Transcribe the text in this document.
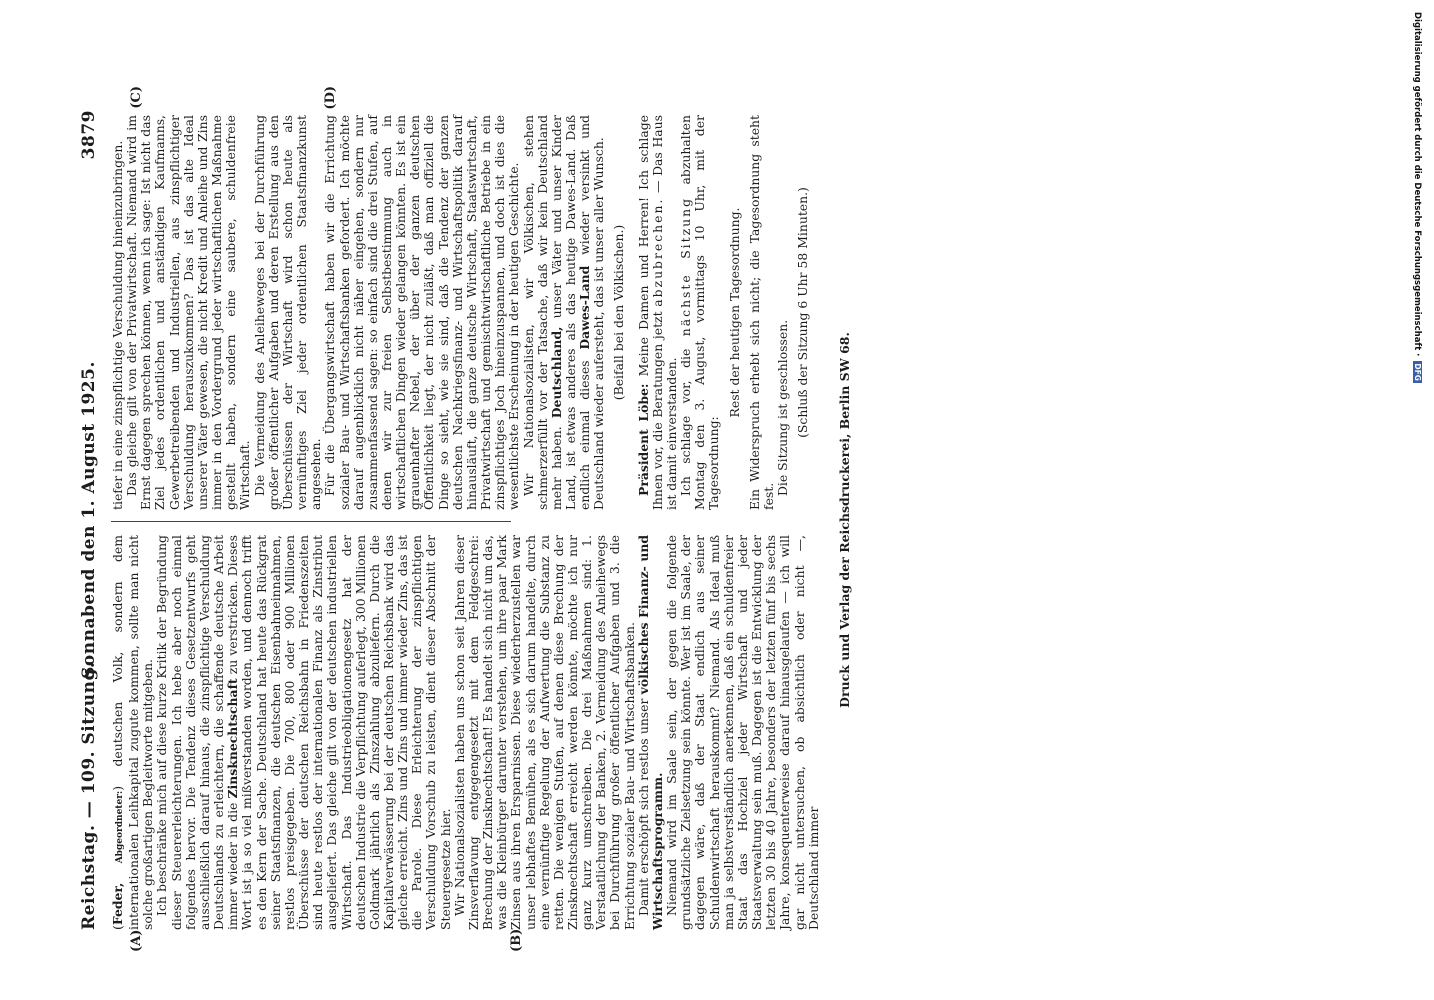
Reichstag. — 109. Sitzung.
Sonnabend den 1. August 1925.
3879
(A)	(B)
(C)	(D)

(Feder, Abgeordneter:) deutschen Volk, sondern dem internationalen Leihkapital zugute kommen, sollte man nicht solche großartigen Begleitworte mitgeben. Ich beschränke mich auf diese kurze Kritik der Begründung dieser Steuererleichterungen. Ich hebe aber noch einmal folgendes hervor. Die Tendenz dieses Gesetzentwurfs geht ausschließlich darauf hinaus, die zinspflichtige Verschuldung Deutschlands zu erleichtern, die schaffende deutsche Arbeit immer wieder in die Zinsknechtschaft zu verstricken. Dieses Wort ist ja so viel mißverstanden worden, und dennoch trifft es den Kern der Sache. Deutschland hat heute das Rückgrat seiner Staatsfinanzen, die deutschen Eisenbahneinnahmen, restlos preisgegeben. Die 700, 800 oder 900 Millionen Überschüsse der deutschen Reichsbahn in Friedenszeiten sind heute restlos der internationalen Finanz als Zinstribut ausgeliefert. Das gleiche gilt von der deutschen industriellen Wirtschaft. Das Industrieobligationengesetz hat der deutschen Industrie die Verpflichtung auferlegt, 300 Millionen Goldmark jährlich als Zinszahlung abzuliefern. Durch die Kapitalverwässerung bei der deutschen Reichsbank wird das gleiche erreicht. Zins und Zins und immer wieder Zins, das ist die Parole. Diese Erleichterung der zinspflichtigen Verschuldung Vorschub zu leisten, dient dieser Abschnitt der Steuergesetze hier. Wir Nationalsozialisten haben uns schon seit Jahren dieser Zinsverflavung entgegengesetzt mit dem Feldgeschrei: Brechung der Zinsknechtschaft! Es handelt sich nicht um das, was die Kleinbürger darunter verstehen, um ihre paar Mark Zinsen aus ihren Ersparnissen. Diese wiederherzustellen war unser lebhaftes Bemühen, als es sich darum handelte, durch eine vernünftige Regelung der Aufwertung die Substanz zu retten. Die wenigen Stufen, auf denen diese Brechung der Zinsknechtschaft erreicht werden könnte, möchte ich nur ganz kurz umschreiben. Die drei Maßnahmen sind: 1. Verstaatlichung der Banken, 2. Vermeidung des Anleihewegs bei Durchführung großer öffentlicher Aufgaben und 3. die Errichtung sozialer Bau- und Wirtschaftsbanken. Damit erschöpft sich restlos unser völkisches Finanz- und Wirtschaftsprogramm. Niemand wird im Saale sein, der gegen die folgende grundsätzliche Zielsetzung sein könnte. Wer ist im Saale, der dagegen wäre, daß der Staat endlich aus seiner Schuldenwirtschaft herauskommt? Niemand. Als Ideal muß man ja selbstverständlich anerkennen, daß ein schuldenfreier Staat das Hochziel jeder Wirtschaft und jeder Staatsverwaltung sein muß. Dagegen ist die Entwicklung der letzten 30 bis 40 Jahre, besonders der letzten fünf bis sechs Jahre, konsequenterweise darauf hinausgelaufen — ich will gar nicht untersuchen, ob absichtlich oder nicht —, Deutschland immer

tiefer in eine zinspflichtige Verschuldung hineinzubringen. Das gleiche gilt von der Privatwirtschaft. Niemand wird im Ernst dagegen sprechen können, wenn ich sage: Ist nicht das Ziel jedes ordentlichen und anständigen Kaufmanns, Gewerbetreibenden und Industriellen, aus zinspflichtiger Verschuldung herauszukommen? Das ist das alte Ideal unserer Väter gewesen, die nicht Kredit und Anleihe und Zins immer in den Vordergrund jeder wirtschaftlichen Maßnahme gestellt haben, sondern eine saubere, schuldenfreie Wirtschaft. Die Vermeidung des Anleiheweges bei der Durchführung großer öffentlicher Aufgaben und deren Erstellung aus den Überschüssen der Wirtschaft wird schon heute als vernünftiges Ziel jeder ordentlichen Staatsfinanzkunst angesehen. Für die Übergangswirtschaft haben wir die Errichtung sozialer Bau- und Wirtschaftsbanken gefordert. Ich möchte darauf augenblicklich nicht näher eingehen, sondern nur zusammenfassend sagen: so einfach sind die drei Stufen, auf denen wir zur freien Selbstbestimmung auch in wirtschaftlichen Dingen wieder gelangen könnten. Es ist ein grauenhafter Nebel, der über der ganzen deutschen Öffentlichkeit liegt, der nicht zuläßt, daß man offiziell die Dinge so sieht, wie sie sind, daß die Tendenz der ganzen deutschen Nachkriegsfinanz- und Wirtschaftspolitik darauf hinausläuft, die ganze deutsche Wirtschaft, Staatswirtschaft, Privatwirtschaft und gemischtwirtschaftliche Betriebe in ein zinspflichtiges Joch hineinzuspannen, und doch ist dies die wesentlichste Erscheinung in der heutigen Geschichte. Wir Nationalsozialisten, wir Völkischen, stehen schmerzerfüllt vor der Tatsache, daß wir kein Deutschland mehr haben. Deutschland, unser Väter und unser Kinder Land, ist etwas anderes als das heutige Dawes-Land. Daß endlich einmal dieses Dawes-Land wieder versinkt und Deutschland wieder aufersteht, das ist unser aller Wunsch. (Beifall bei den Völkischen.)

Präsident Löbe: Meine Damen und Herren! Ich schlage Ihnen vor, die Beratungen jetzt abzubrechen. — Das Haus ist damit einverstanden. Ich schlage vor, die nächste Sitzung abzuhalten Montag den 3. August, vormittags 10 Uhr, mit der Tagesordnung:

Rest der heutigen Tagesordnung. Ein Widerspruch erhebt sich nicht; die Tagesordnung steht fest.

Die Sitzung ist geschlossen. (Schluß der Sitzung 6 Uhr 58 Minuten.)

Druck und Verlag der Reichsdruckerei, Berlin SW 68.
Digitalisierung gefördert durch die Deutsche Forschungsgemeinschaft · DFG
